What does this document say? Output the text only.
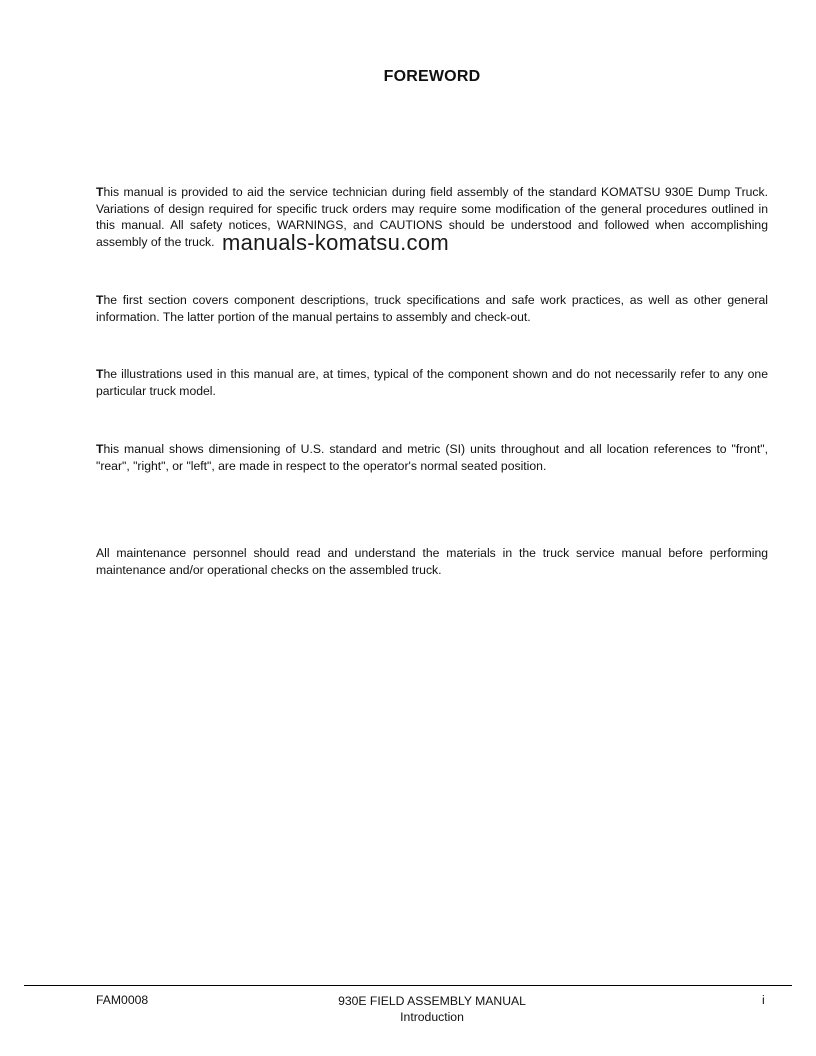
FOREWORD
This manual is provided to aid the service technician during field assembly of the standard KOMATSU 930E Dump Truck. Variations of design required for specific truck orders may require some modification of the general procedures outlined in this manual. All safety notices, WARNINGS, and CAUTIONS should be understood and followed when accomplishing assembly of the truck. manuals-komatsu.com
The first section covers component descriptions, truck specifications and safe work practices, as well as other general information. The latter portion of the manual pertains to assembly and check-out.
The illustrations used in this manual are, at times, typical of the component shown and do not necessarily refer to any one particular truck model.
This manual shows dimensioning of U.S. standard and metric (SI) units throughout and all location references to "front", "rear", "right", or "left", are made in respect to the operator's normal seated position.
All maintenance personnel should read and understand the materials in the truck service manual before performing maintenance and/or operational checks on the assembled truck.
FAM0008	930E FIELD ASSEMBLY MANUAL
Introduction
i
